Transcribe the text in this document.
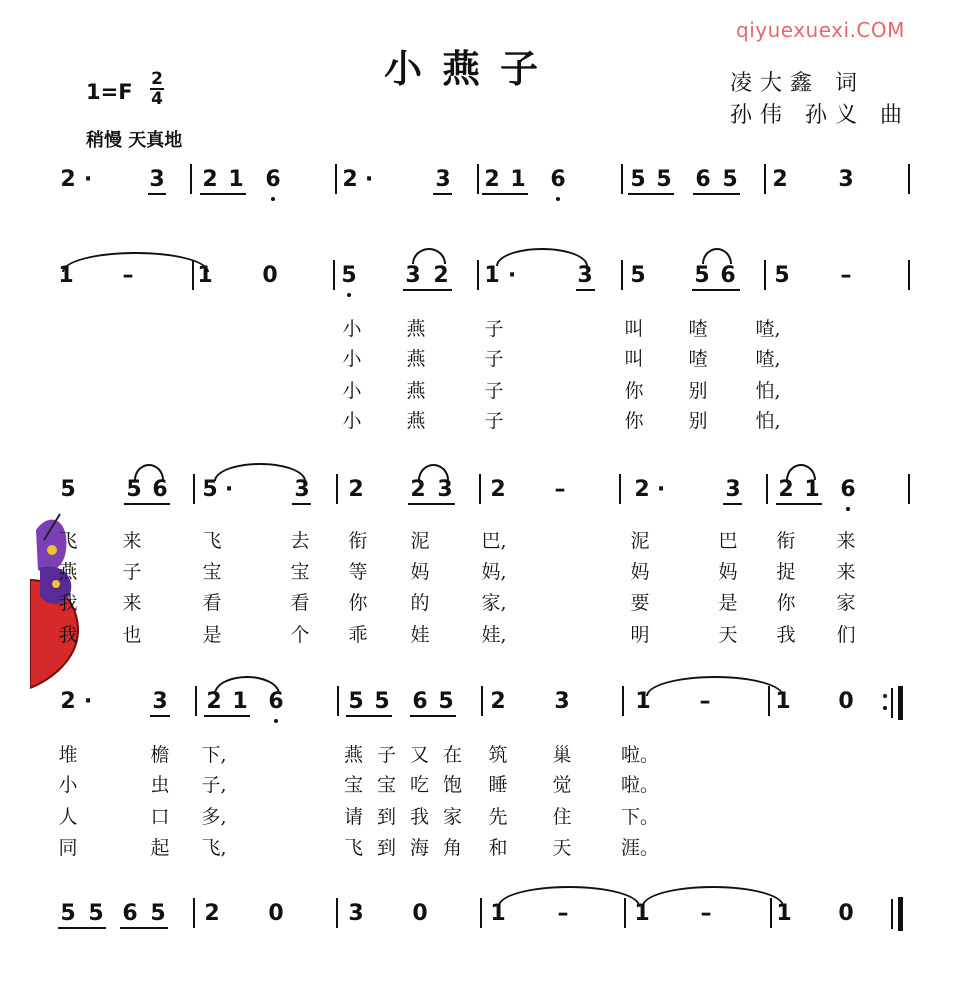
qiyuexuexi.COM
小燕子	凌大鑫 词
孙伟 孙义 曲
1=F
2
4
稍慢 天真地
2 ·	3 2 1 6	2 ·	3 2 1 6	5 5 6 5 2 3
1 –	1 0	5 3 2 1 ·	3 5 5 6 5 –
5 5 6 5 ·	3 2 2 3 2 –	2 ·	3 2 1 6
2 ·	3 2 1 6	5 5 6 5 2 3	1 –	1 0
5 5 6 5 2 0	3 0	1 –	1 –	1 0
小 燕	子	叫 喳	喳,
小 燕	子	叫 喳	喳,
小 燕	子	你 别	怕,
小 燕	子	你 别	怕,
飞 来	飞	去 衔 泥	巴,	泥	巴 衔 来
燕 子	宝	宝 等 妈	妈,	妈	妈 捉 来
我 来	看	看 你 的	家,	要	是 你 家
我 也	是	个 乖 娃	娃,	明	天 我 们
堆	檐 下,	燕子又在 筑 巢	啦。
小	虫 子,	宝宝吃饱 睡 觉	啦。
人	口 多,	请到我家 先 住	下。
同	起 飞,	飞到海角 和 天	涯。
